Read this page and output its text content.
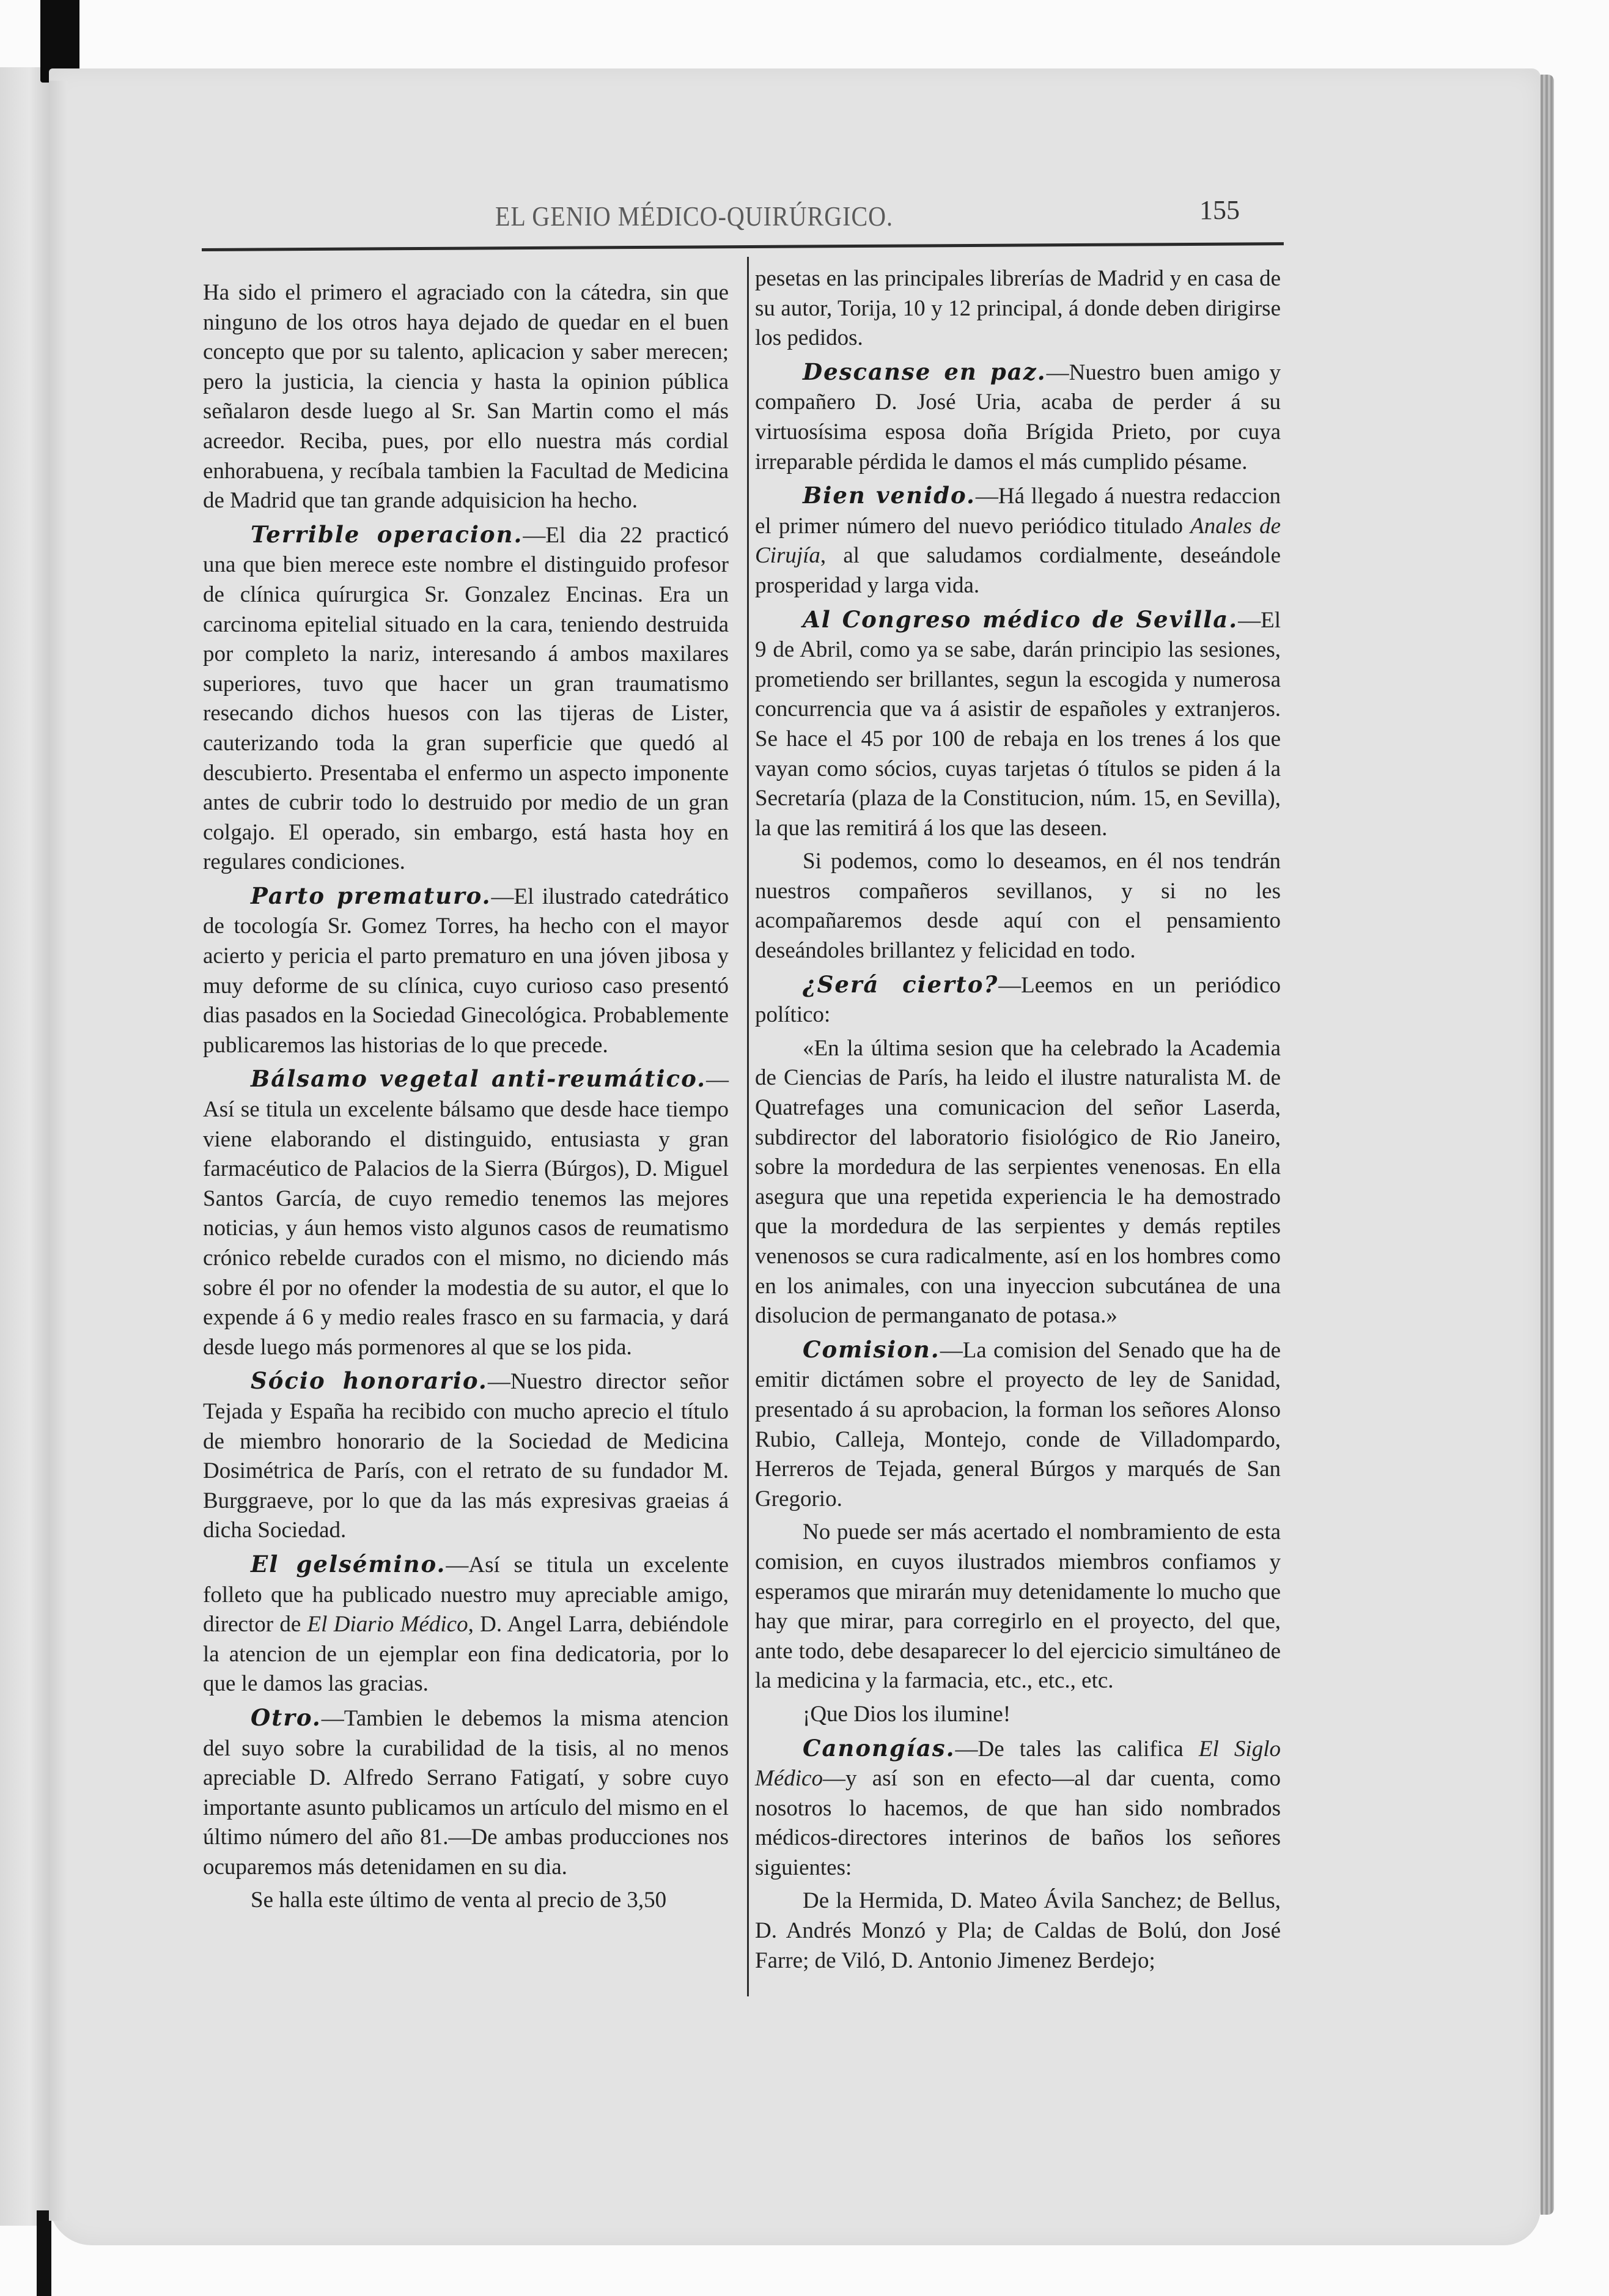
EL GENIO MÉDICO-QUIRÚRGICO.	155

Ha sido el primero el agraciado con la cátedra, sin que ninguno de los otros haya dejado de quedar en el buen concepto que por su talento, aplicacion y saber merecen; pero la justicia, la ciencia y hasta la opinion pública señalaron desde luego al Sr. San Martin como el más acreedor. Reciba, pues, por ello nuestra más cordial enhorabuena, y recíbala tambien la Facultad de Medicina de Madrid que tan grande adquisicion ha hecho.

Terrible operacion.—El dia 22 practicó una que bien merece este nombre el distinguido profesor de clínica quírurgica Sr. Gonzalez Encinas. Era un carcinoma epitelial situado en la cara, teniendo destruida por completo la nariz, interesando á ambos maxilares superiores, tuvo que hacer un gran traumatismo resecando dichos huesos con las tijeras de Lister, cauterizando toda la gran superficie que quedó al descubierto. Presentaba el enfermo un aspecto imponente antes de cubrir todo lo destruido por medio de un gran colgajo. El operado, sin embargo, está hasta hoy en regulares condiciones.

Parto prematuro.—El ilustrado catedrático de tocología Sr. Gomez Torres, ha hecho con el mayor acierto y pericia el parto prematuro en una jóven jibosa y muy deforme de su clínica, cuyo curioso caso presentó dias pasados en la Sociedad Ginecológica. Probablemente publicaremos las historias de lo que precede.

Bálsamo vegetal anti-reumático.—Así se titula un excelente bálsamo que desde hace tiempo viene elaborando el distinguido, entusiasta y gran farmacéutico de Palacios de la Sierra (Búrgos), D. Miguel Santos García, de cuyo remedio tenemos las mejores noticias, y áun hemos visto algunos casos de reumatismo crónico rebelde curados con el mismo, no diciendo más sobre él por no ofender la modestia de su autor, el que lo expende á 6 y medio reales frasco en su farmacia, y dará desde luego más pormenores al que se los pida.

Sócio honorario.—Nuestro director señor Tejada y España ha recibido con mucho aprecio el título de miembro honorario de la Sociedad de Medicina Dosimétrica de París, con el retrato de su fundador M. Burggraeve, por lo que da las más expresivas graeias á dicha Sociedad.

El gelsémino.—Así se titula un excelente folleto que ha publicado nuestro muy apreciable amigo, director de El Diario Médico, D. Angel Larra, debiéndole la atencion de un ejemplar eon fina dedicatoria, por lo que le damos las gracias.

Otro.—Tambien le debemos la misma atencion del suyo sobre la curabilidad de la tisis, al no menos apreciable D. Alfredo Serrano Fatigatí, y sobre cuyo importante asunto publicamos un artículo del mismo en el último número del año 81.—De ambas producciones nos ocuparemos más detenidamen en su dia.

Se halla este último de venta al precio de 3,50

pesetas en las principales librerías de Madrid y en casa de su autor, Torija, 10 y 12 principal, á donde deben dirigirse los pedidos.

Descanse en paz.—Nuestro buen amigo y compañero D. José Uria, acaba de perder á su virtuosísima esposa doña Brígida Prieto, por cuya irreparable pérdida le damos el más cumplido pésame.

Bien venido.—Há llegado á nuestra redaccion el primer número del nuevo periódico titulado Anales de Cirujía, al que saludamos cordialmente, deseándole prosperidad y larga vida.

Al Congreso médico de Sevilla.—El 9 de Abril, como ya se sabe, darán principio las sesiones, prometiendo ser brillantes, segun la escogida y numerosa concurrencia que va á asistir de españoles y extranjeros. Se hace el 45 por 100 de rebaja en los trenes á los que vayan como sócios, cuyas tarjetas ó títulos se piden á la Secretaría (plaza de la Constitucion, núm. 15, en Sevilla), la que las remitirá á los que las deseen.

Si podemos, como lo deseamos, en él nos tendrán nuestros compañeros sevillanos, y si no les acompañaremos desde aquí con el pensamiento deseándoles brillantez y felicidad en todo.

¿Será cierto?—Leemos en un periódico político:

«En la última sesion que ha celebrado la Academia de Ciencias de París, ha leido el ilustre naturalista M. de Quatrefages una comunicacion del señor Laserda, subdirector del laboratorio fisiológico de Rio Janeiro, sobre la mordedura de las serpientes venenosas. En ella asegura que una repetida experiencia le ha demostrado que la mordedura de las serpientes y demás reptiles venenosos se cura radicalmente, así en los hombres como en los animales, con una inyeccion subcutánea de una disolucion de permanganato de potasa.»

Comision.—La comision del Senado que ha de emitir dictámen sobre el proyecto de ley de Sanidad, presentado á su aprobacion, la forman los señores Alonso Rubio, Calleja, Montejo, conde de Villadompardo, Herreros de Tejada, general Búrgos y marqués de San Gregorio.

No puede ser más acertado el nombramiento de esta comision, en cuyos ilustrados miembros confiamos y esperamos que mirarán muy detenidamente lo mucho que hay que mirar, para corregirlo en el proyecto, del que, ante todo, debe desaparecer lo del ejercicio simultáneo de la medicina y la farmacia, etc., etc., etc.

¡Que Dios los ilumine!

Canongías.—De tales las califica El Siglo Médico—y así son en efecto—al dar cuenta, como nosotros lo hacemos, de que han sido nombrados médicos-directores interinos de baños los señores siguientes:

De la Hermida, D. Mateo Ávila Sanchez; de Bellus, D. Andrés Monzó y Pla; de Caldas de Bolú, don José Farre; de Viló, D. Antonio Jimenez Berdejo;
